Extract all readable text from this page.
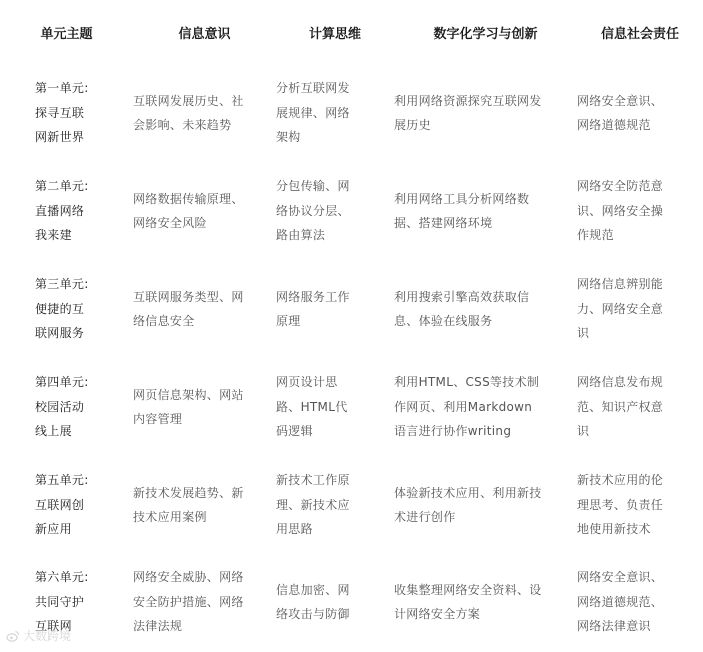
单元主题	信息意识	计算思维	数字化学习与创新	信息社会责任

第一单元:探寻互联网新世界	互联网发展历史、社会影响、未来趋势	分析互联网发展规律、网络架构	利用网络资源探究互联网发展历史	网络安全意识、网络道德规范

第二单元:直播网络我来建	网络数据传输原理、网络安全风险	分包传输、网络协议分层、路由算法	利用网络工具分析网络数据、搭建网络环境	网络安全防范意识、网络安全操作规范

第三单元:便捷的互联网服务	互联网服务类型、网络信息安全	网络服务工作原理	利用搜索引擎高效获取信息、体验在线服务	网络信息辨别能力、网络安全意识

第四单元:校园活动线上展	网页信息架构、网站内容管理	网页设计思路、HTML代码逻辑	利用HTML、CSS等技术制作网页、利用Markdown语言进行协作writing	网络信息发布规范、知识产权意识

第五单元:互联网创新应用	新技术发展趋势、新技术应用案例	新技术工作原理、新技术应用思路	体验新技术应用、利用新技术进行创作	新技术应用的伦理思考、负责任地使用新技术

第六单元:共同守护互联网	网络安全威胁、网络安全防护措施、网络法律法规	信息加密、网络攻击与防御	收集整理网络安全资料、设计网络安全方案	网络安全意识、网络道德规范、网络法律意识
大数跨境
